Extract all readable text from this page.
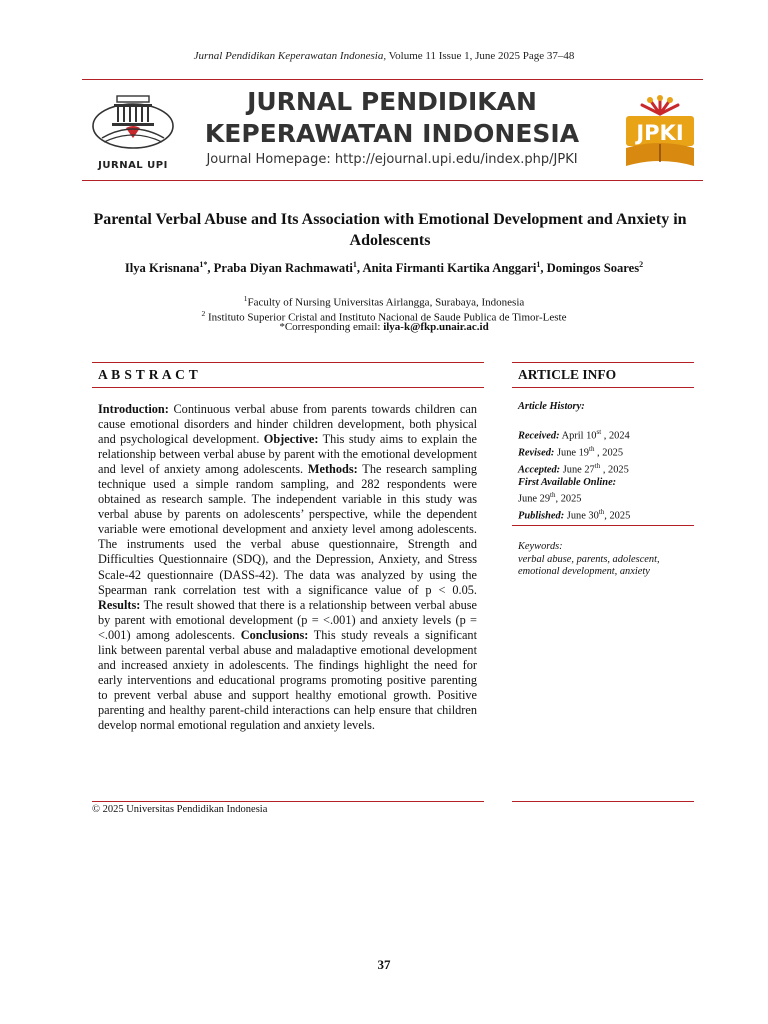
Jurnal Pendidikan Keperawatan Indonesia, Volume 11 Issue 1, June 2025 Page 37–48
JURNAL UPI
JURNAL PENDIDIKAN
KEPERAWATAN INDONESIA
Journal Homepage: http://ejournal.upi.edu/index.php/JPKI
JPKI
Parental Verbal Abuse and Its Association with Emotional Development and Anxiety in Adolescents
Ilya Krisnana$^{1*}$, Praba Diyan Rachmawati$^1$, Anita Firmanti Kartika Anggari$^1$, Domingos Soares$^2$
$^1$Faculty of Nursing Universitas Airlangga, Surabaya, Indonesia
$^2$ Instituto Superior Cristal and Instituto Nacional de Saude Publica de Timor-Leste
*Corresponding email: ilya-k@fkp.unair.ac.id
A B S T R A C T
Introduction: Continuous verbal abuse from parents towards children can cause emotional disorders and hinder children development, both physical and psychological development. Objective: This study aims to explain the relationship between verbal abuse by parent with the emotional development and level of anxiety among adolescents. Methods: The research sampling technique used a simple random sampling, and 282 respondents were obtained as research sample. The independent variable in this study was verbal abuse by parents on adolescents’ perspective, while the dependent variable were emotional development and anxiety level among adolescents. The instruments used the verbal abuse questionnaire, Strength and Difficulties Questionnaire (SDQ), and the Depression, Anxiety, and Stress Scale-42 questionnaire (DASS-42). The data was analyzed by using the Spearman rank correlation test with a significance value of p < 0.05. Results: The result showed that there is a relationship between verbal abuse by parent with emotional development (p = <.001) and anxiety levels (p = <.001) among adolescents. Conclusions: This study reveals a significant link between parental verbal abuse and maladaptive emotional development and increased anxiety in adolescents. The findings highlight the need for early interventions and educational programs promoting positive parenting to prevent verbal abuse and support healthy emotional growth. Positive parenting and healthy parent-child interactions can help ensure that children develop normal emotional regulation and anxiety levels.
ARTICLE INFO
Article History:
Received: April 10st , 2024
Revised: June 19th , 2025
Accepted: June 27th , 2025
First Available Online:
June 29th, 2025
Published: June 30th, 2025
Keywords:
verbal abuse, parents, adolescent, emotional development, anxiety
© 2025 Universitas Pendidikan Indonesia
37
